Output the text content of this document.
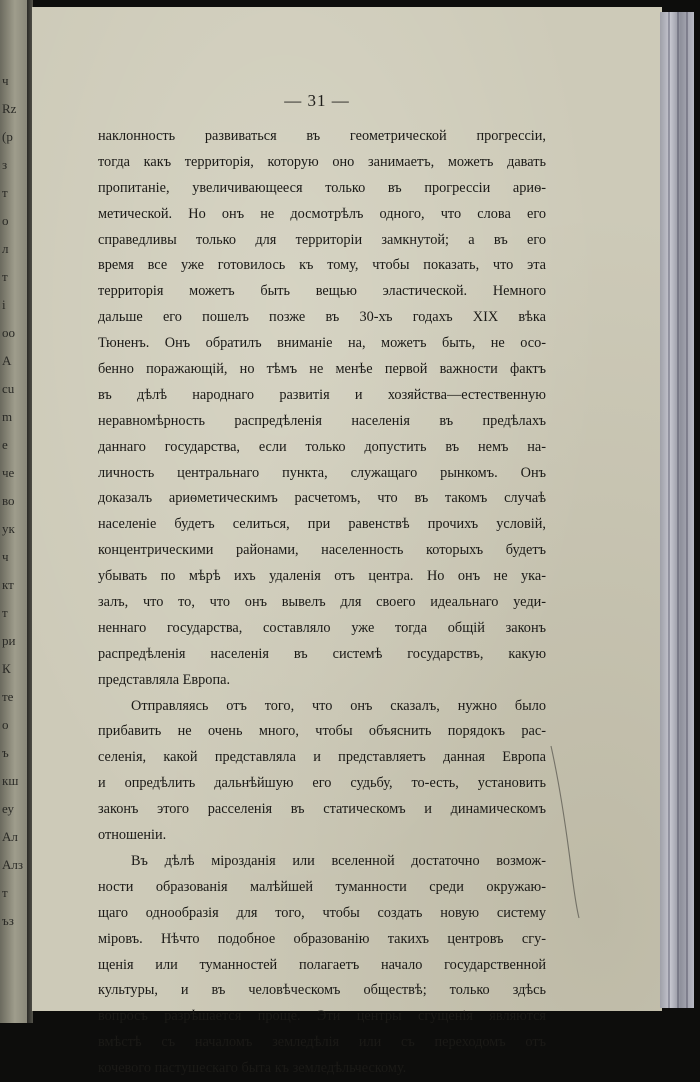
ч
Rz
(p
з
т
о
л
т
і
оо
A
cu
m
е
че
во
ук
ч
кт
т
ри
К
те
о
ъ
кш
еу
Ал
Алз
т
ъз
— 31 —
наклонность развиваться въ геометрической прогрессіи,
тогда какъ территорія, которую оно занимаетъ, можетъ давать
пропитаніе, увеличивающееся только въ прогрессіи ариѳ-
метической. Но онъ не досмотрѣлъ одного, что слова его
справедливы только для территоріи замкнутой; а въ его
время все уже готовилось къ тому, чтобы показать, что эта
территорія можетъ быть вещью эластической. Немного
дальше его пошелъ позже въ 30-хъ годахъ XIX вѣка
Тюненъ. Онъ обратилъ вниманіе на, можетъ быть, не осо-
бенно поражающій, но тѣмъ не менѣе первой важности фактъ
въ дѣлѣ народнаго развитія и хозяйства—естественную
неравномѣрность распредѣленія населенія въ предѣлахъ
даннаго государства, если только допустить въ немъ на-
личность центральнаго пункта, служащаго рынкомъ. Онъ
доказалъ ариѳметическимъ расчетомъ, что въ такомъ случаѣ
населеніе будетъ селиться, при равенствѣ прочихъ условій,
концентрическими районами, населенность которыхъ будетъ
убывать по мѣрѣ ихъ удаленія отъ центра. Но онъ не ука-
залъ, что то, что онъ вывелъ для своего идеальнаго уеди-
неннаго государства, составляло уже тогда общій законъ
распредѣленія населенія въ системѣ государствъ, какую
представляла Европа.
Отправляясь отъ того, что онъ сказалъ, нужно было
прибавить не очень много, чтобы объяснить порядокъ рас-
селенія, какой представляла и представляетъ данная Европа
и опредѣлить дальнѣйшую его судьбу, то-есть, установить
законъ этого расселенія въ статическомъ и динамическомъ
отношеніи.
Въ дѣлѣ мірозданія или вселенной достаточно возмож-
ности образованія малѣйшей туманности среди окружаю-
щаго однообразія для того, чтобы создать новую систему
міровъ. Нѣчто подобное образованію такихъ центровъ сгу-
щенія или туманностей полагаетъ начало государственной
культуры, и въ человѣческомъ обществѣ; только здѣсь
вопросъ разрѣшается проще. Эти центры сгущенія являются
вмѣстѣ съ началомъ земледѣлія или съ переходомъ отъ
кочевого пастушескаго быта къ земледѣльческому.
